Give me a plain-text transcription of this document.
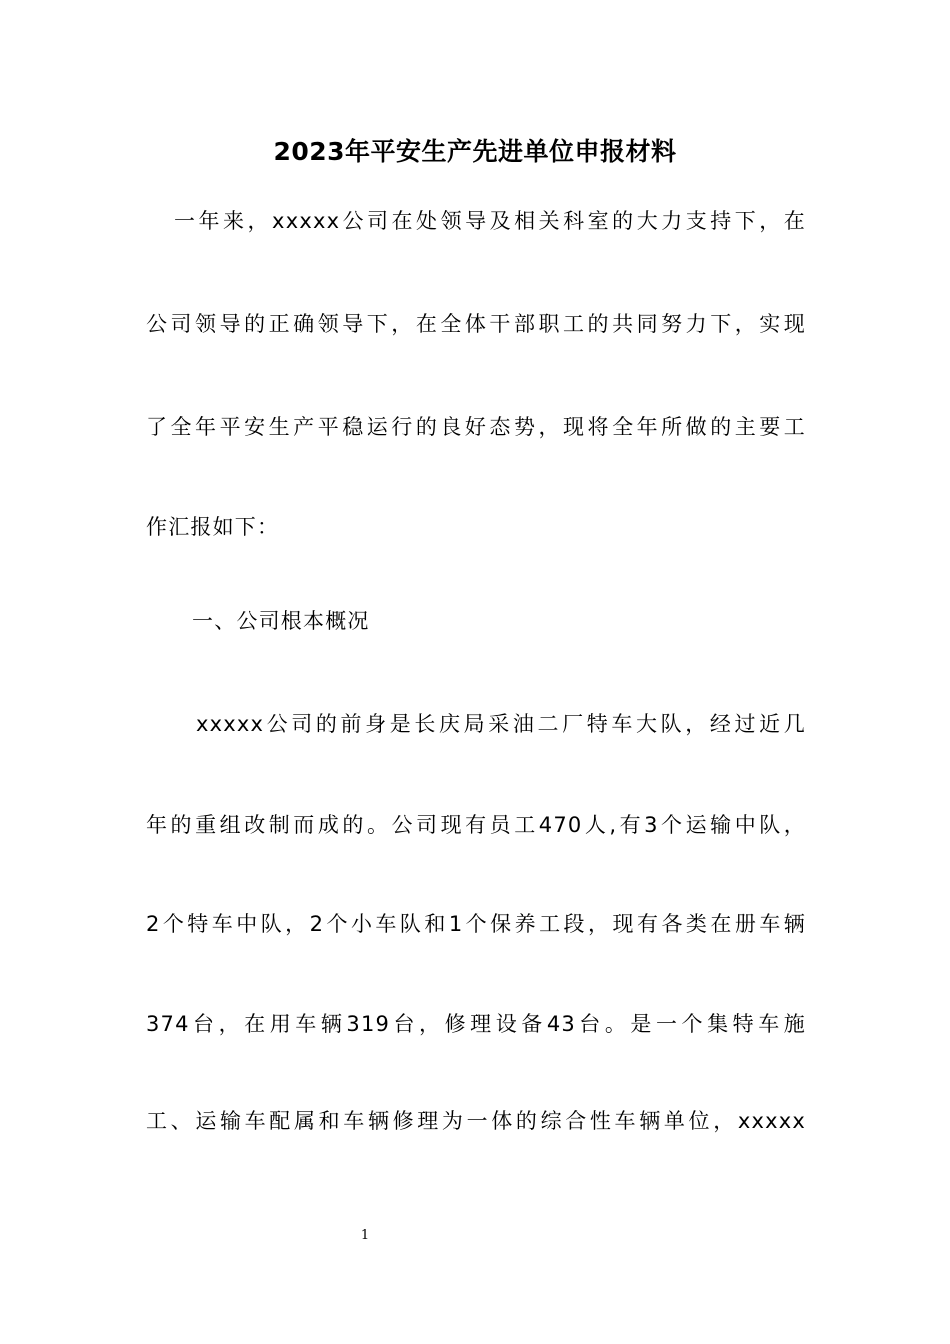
2023年平安生产先进单位申报材料
一年来，xxxxx公司在处领导及相关科室的大力支持下，在
公司领导的正确领导下，在全体干部职工的共同努力下，实现
了全年平安生产平稳运行的良好态势，现将全年所做的主要工
作汇报如下：
一、公司根本概况
xxxxx公司的前身是长庆局采油二厂特车大队，经过近几
年的重组改制而成的。公司现有员工470人,有3个运输中队，
2个特车中队，2个小车队和1个保养工段，现有各类在册车辆
374台，在用车辆319台，修理设备43台。是一个集特车施
工、运输车配属和车辆修理为一体的综合性车辆单位，xxxxx
1
